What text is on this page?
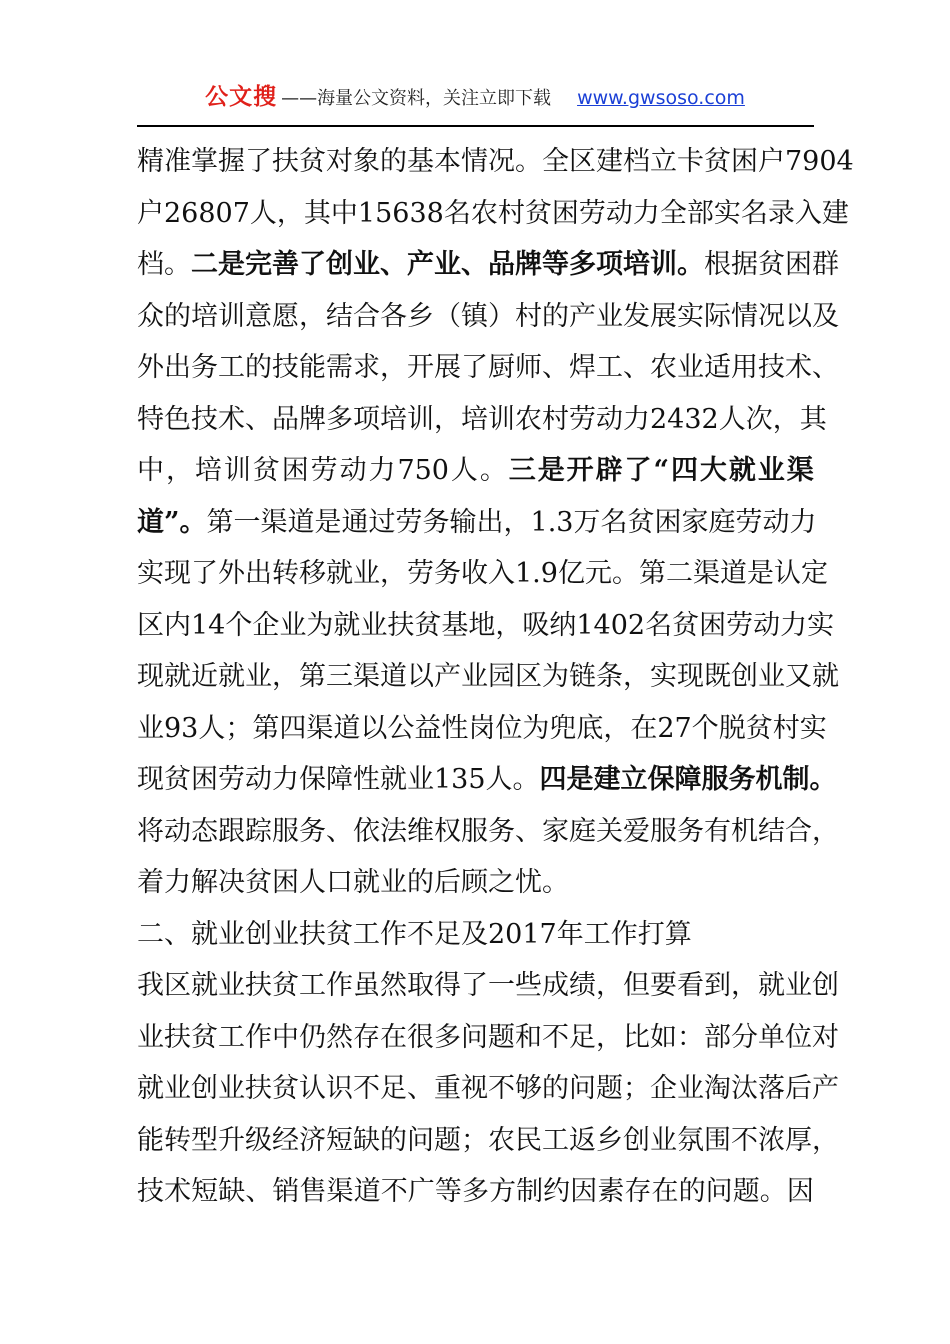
公文搜 ——海量公文资料，关注立即下载 www.gwsoso.com
精 准 掌 握 了 扶 贫 对 象 的 基 本 情 况 。 全 区 建 档 立 卡 贫 困 户 7904
户 26807 人 ， 其 中 15638 名 农 村 贫 困 劳 动 力 全 部 实 名 录 入 建
档 。 二 是 完 善 了 创 业 、 产 业 、 品 牌 等 多 项 培 训 。 根 据 贫 困 群
众 的 培 训 意 愿 ， 结 合 各 乡 （ 镇 ） 村 的 产 业 发 展 实 际 情 况 以 及
外 出 务 工 的 技 能 需 求 ， 开 展 了 厨 师 、 焊 工 、 农 业 适 用 技 术 、
特 色 技 术 、 品 牌 多 项 培 训 ， 培 训 农 村 劳 动 力 2432 人 次 ， 其
中 ， 培 训 贫 困 劳 动 力 750 人 。 三 是 开 辟 了 “ 四 大 就 业 渠
道 ” 。 第 一 渠 道 是 通 过 劳 务 输 出 ， 1.3 万 名 贫 困 家 庭 劳 动 力
实 现 了 外 出 转 移 就 业 ， 劳 务 收 入 1.9 亿 元 。 第 二 渠 道 是 认 定
区 内 14 个 企 业 为 就 业 扶 贫 基 地 ， 吸 纳 1402 名 贫 困 劳 动 力 实
现 就 近 就 业 ， 第 三 渠 道 以 产 业 园 区 为 链 条 ， 实 现 既 创 业 又 就
业 93 人 ； 第 四 渠 道 以 公 益 性 岗 位 为 兜 底 ， 在 27 个 脱 贫 村 实
现 贫 困 劳 动 力 保 障 性 就 业 135 人 。 四 是 建 立 保 障 服 务 机 制 。
将 动 态 跟 踪 服 务 、 依 法 维 权 服 务 、 家 庭 关 爱 服 务 有 机 结 合 ，
着 力 解 决 贫 困 人 口 就 业 的 后 顾 之 忧 。
二 、 就 业 创 业 扶 贫 工 作 不 足 及 2017 年 工 作 打 算
我 区 就 业 扶 贫 工 作 虽 然 取 得 了 一 些 成 绩 ， 但 要 看 到 ， 就 业 创
业 扶 贫 工 作 中 仍 然 存 在 很 多 问 题 和 不 足 ， 比 如 ： 部 分 单 位 对
就 业 创 业 扶 贫 认 识 不 足 、 重 视 不 够 的 问 题 ； 企 业 淘 汰 落 后 产
能 转 型 升 级 经 济 短 缺 的 问 题 ； 农 民 工 返 乡 创 业 氛 围 不 浓 厚 ，
技 术 短 缺 、 销 售 渠 道 不 广 等 多 方 制 约 因 素 存 在 的 问 题 。 因
